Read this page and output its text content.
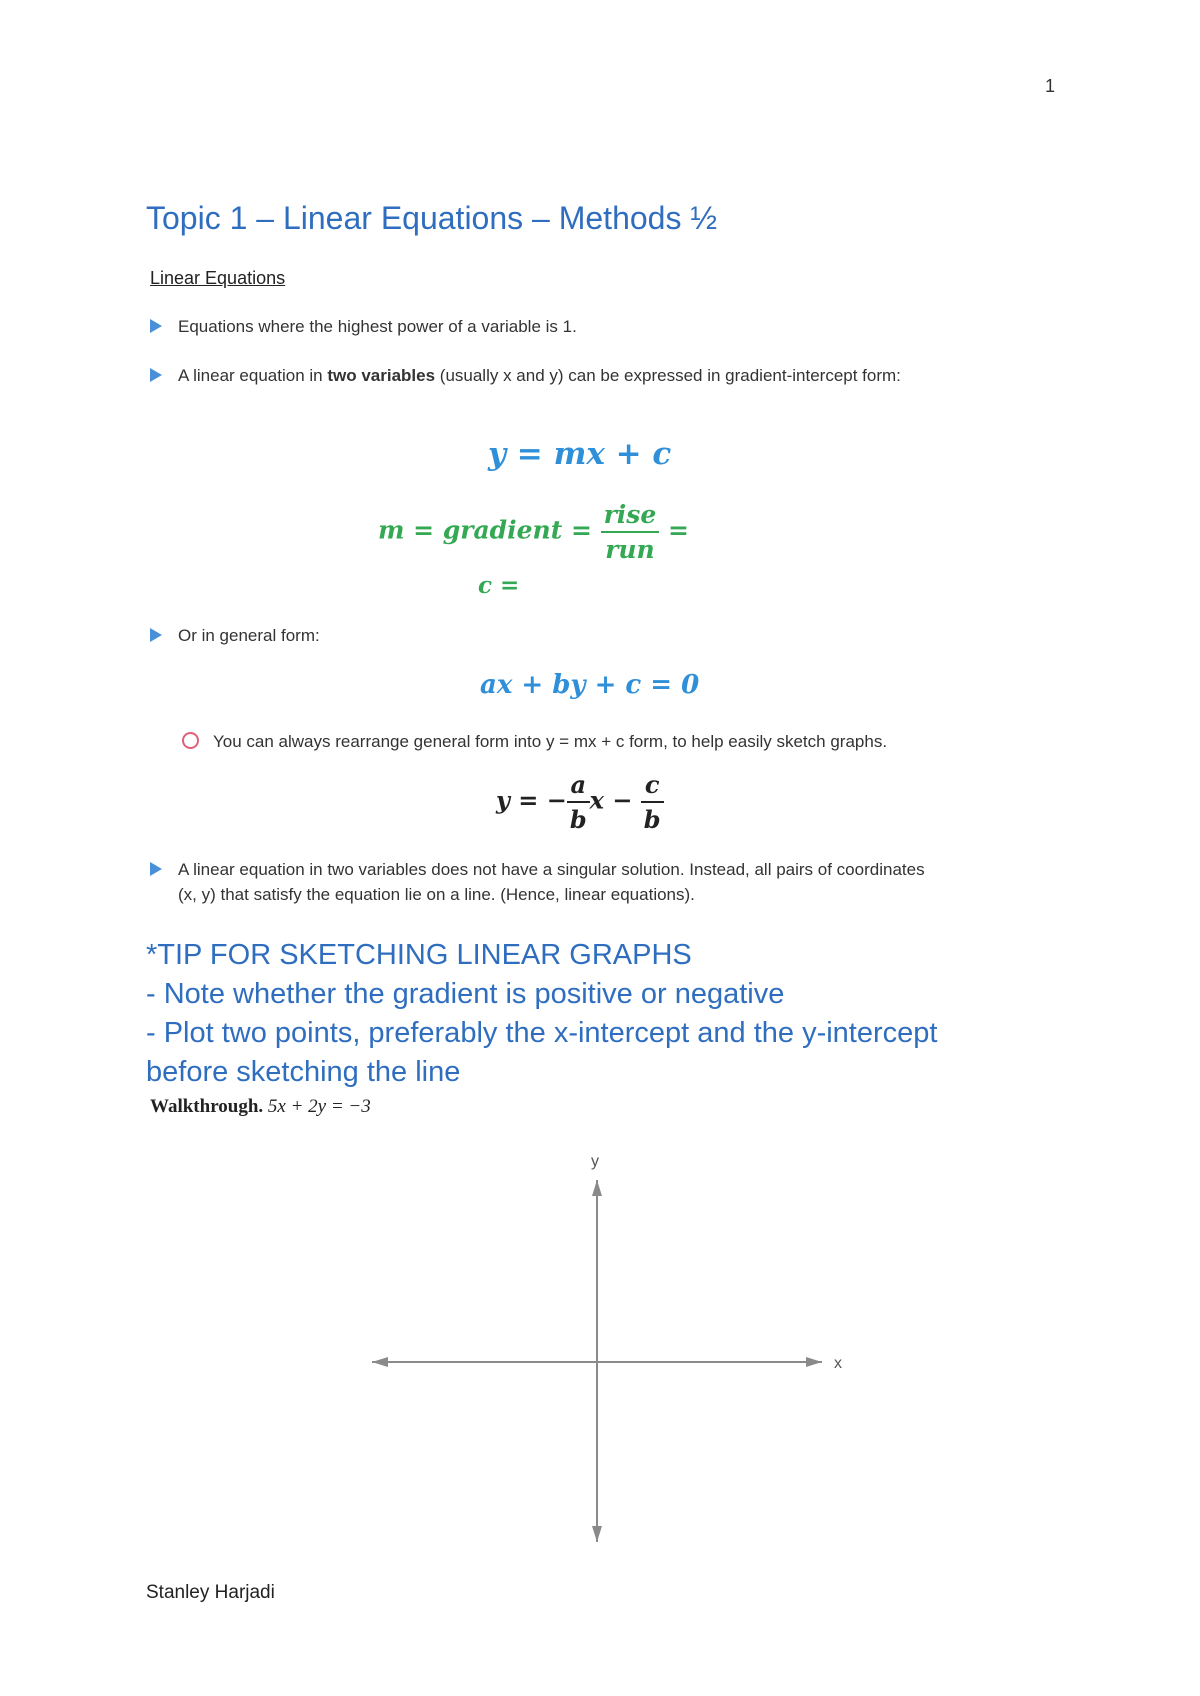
1
Topic 1 – Linear Equations – Methods ½
Linear Equations
Equations where the highest power of a variable is 1.
A linear equation in two variables (usually x and y) can be expressed in gradient-intercept form:
y = mx + c
m = gradient = $\frac{\text{rise}}{\text{run}}$ =
c =
Or in general form:
ax + by + c = 0
You can always rearrange general form into y = mx + c form, to help easily sketch graphs.
y = − $\frac{a}{b}$ $x - \frac{c}{b}$
A linear equation in two variables does not have a singular solution. Instead, all pairs of coordinates
(x, y) that satisfy the equation lie on a line. (Hence, linear equations).
*TIP FOR SKETCHING LINEAR GRAPHS
- Note whether the gradient is positive or negative
- Plot two points, preferably the x-intercept and the y-intercept
before sketching the line
Walkthrough. 5x + 2y = −3
x
y
Stanley Harjadi
